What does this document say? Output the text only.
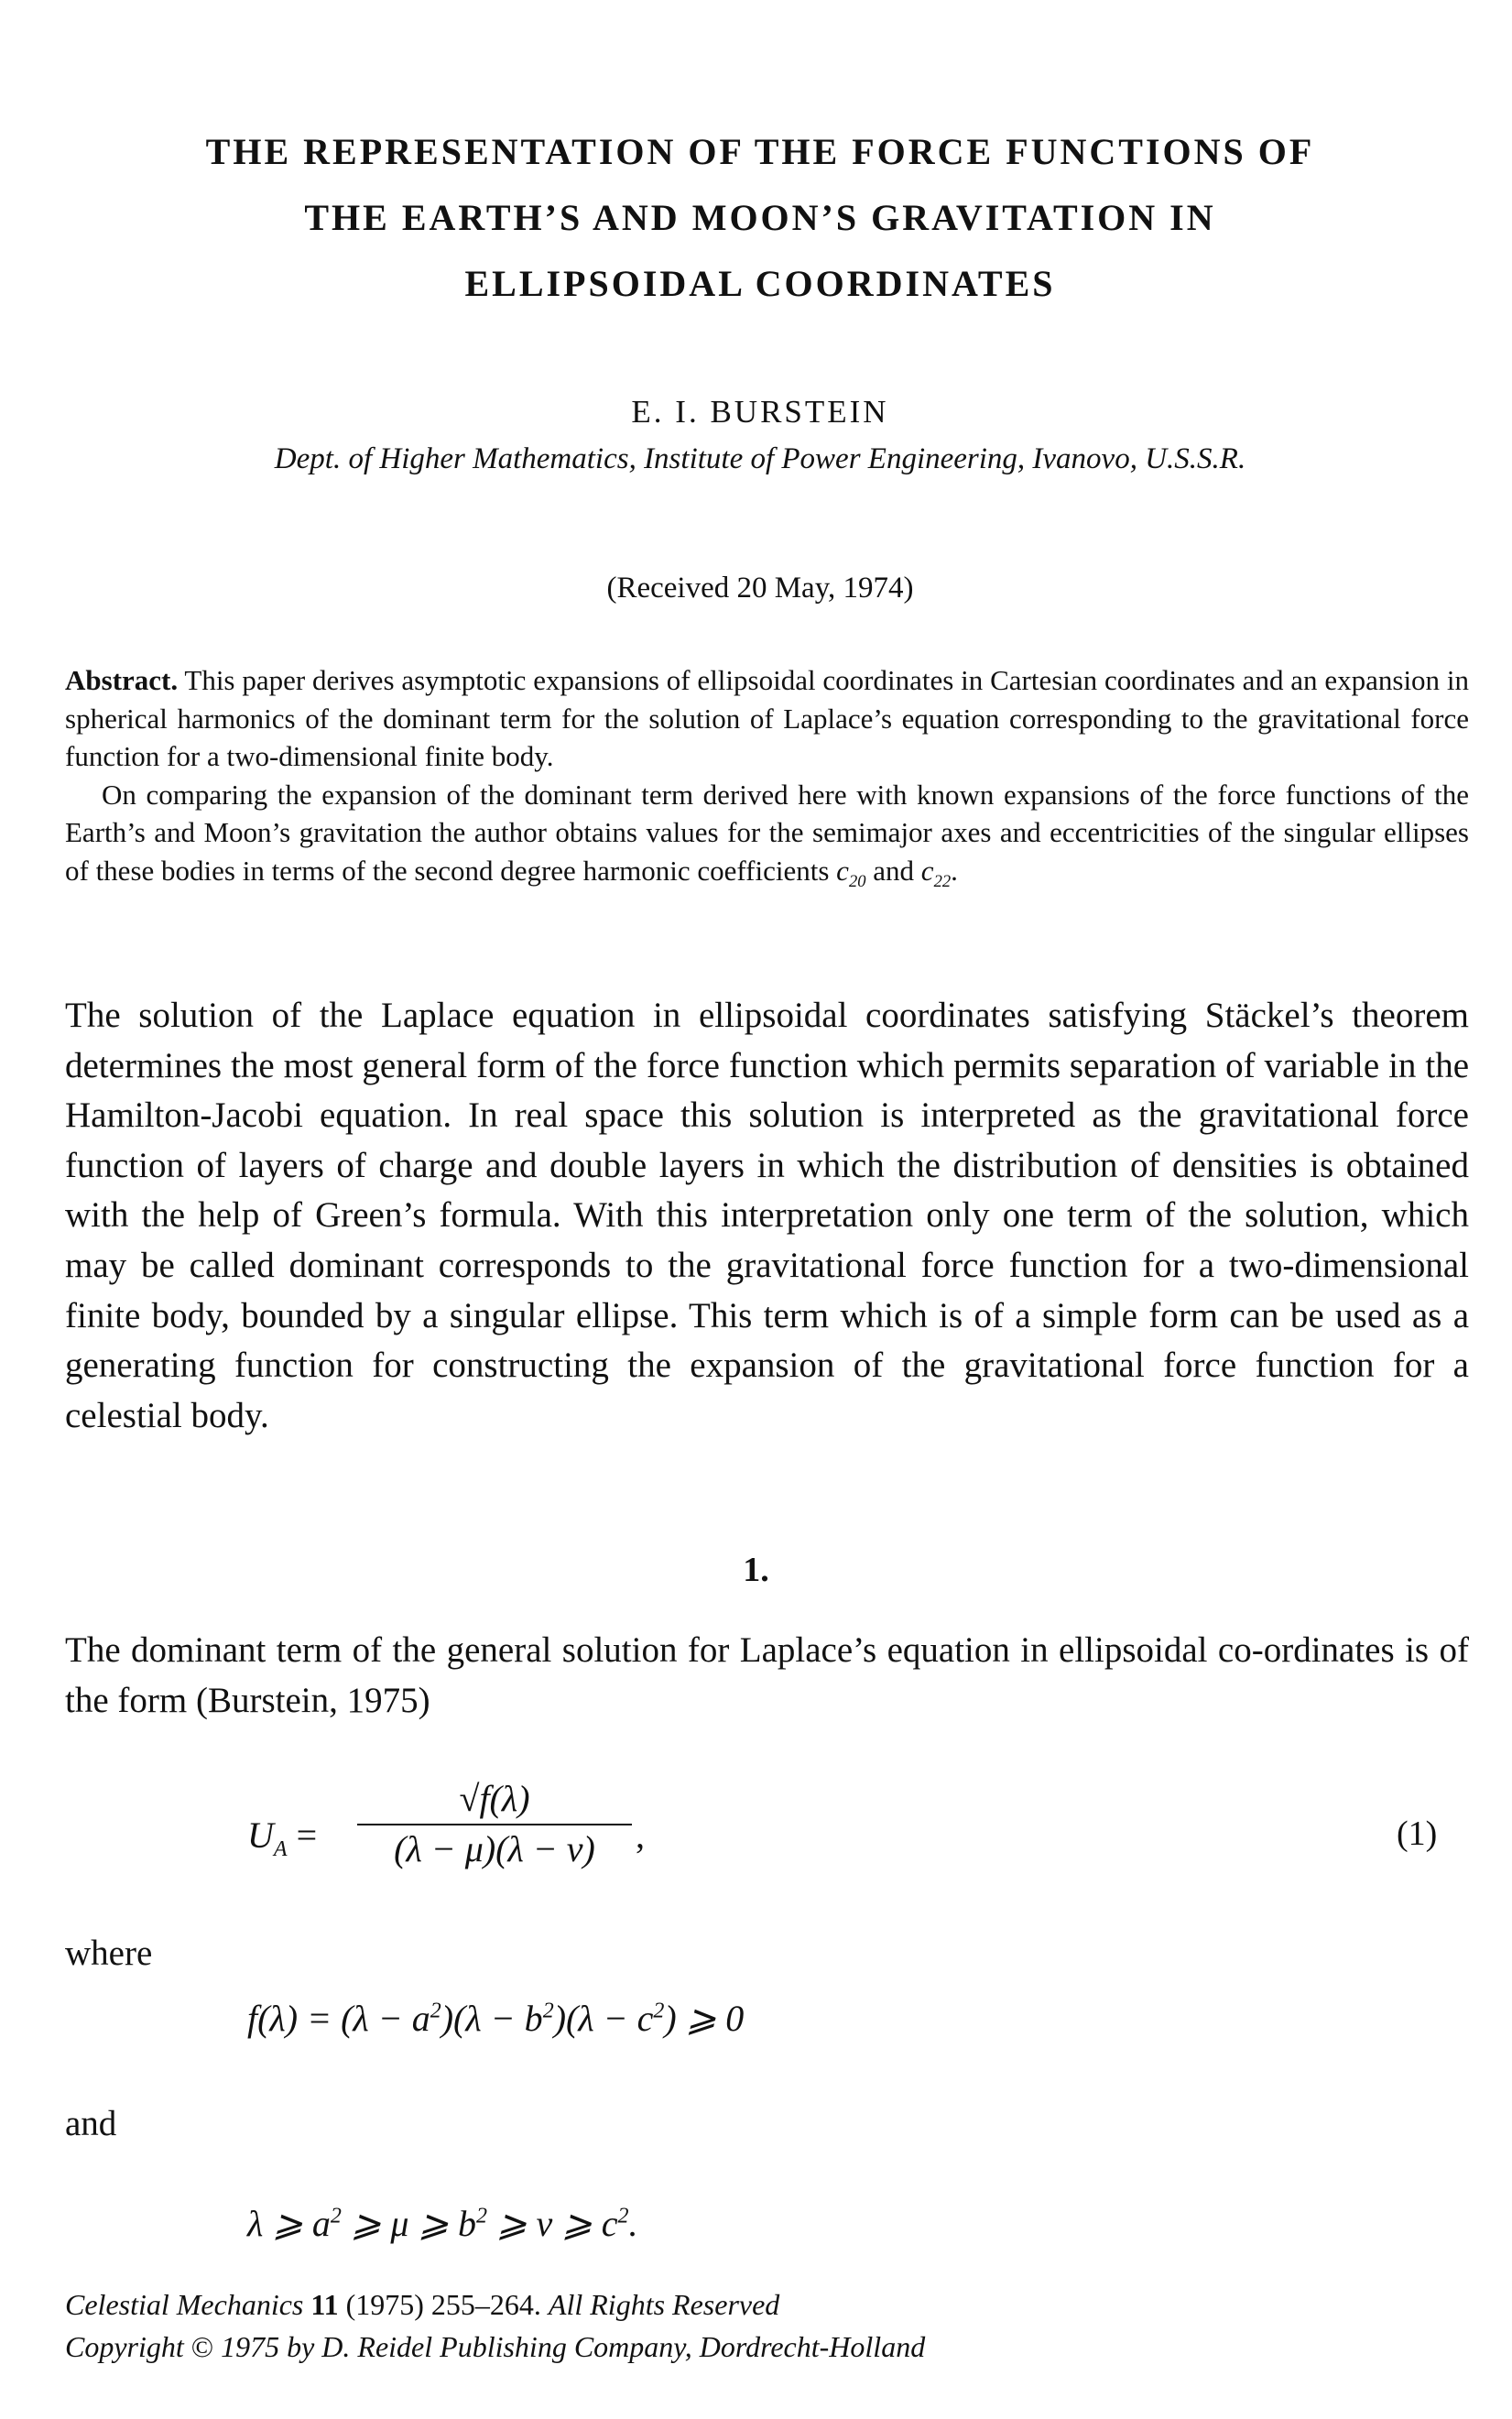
THE REPRESENTATION OF THE FORCE FUNCTIONS OF
THE EARTH’S AND MOON’S GRAVITATION IN
ELLIPSOIDAL COORDINATES
E. I. BURSTEIN
Dept. of Higher Mathematics, Institute of Power Engineering, Ivanovo, U.S.S.R.
(Received 20 May, 1974)

Abstract. This paper derives asymptotic expansions of ellipsoidal coordinates in Cartesian coordinates and an expansion in spherical harmonics of the dominant term for the solution of Laplace’s equation corresponding to the gravitational force function for a two-dimensional finite body.

On comparing the expansion of the dominant term derived here with known expansions of the force functions of the Earth’s and Moon’s gravitation the author obtains values for the semimajor axes and eccentricities of the singular ellipses of these bodies in terms of the second degree harmonic coefficients $c_{20}$ and $c_{22}$.

The solution of the Laplace equation in ellipsoidal coordinates satisfying Stäckel’s theorem determines the most general form of the force function which permits separation of variable in the Hamilton-Jacobi equation. In real space this solution is interpreted as the gravitational force function of layers of charge and double layers in which the distribution of densities is obtained with the help of Green’s formula. With this interpretation only one term of the solution, which may be called dominant corresponds to the gravitational force function for a two-dimensional finite body, bounded by a singular ellipse. This term which is of a simple form can be used as a generating function for constructing the expansion of the gravitational force function for a celestial body.

1.

The dominant term of the general solution for Laplace’s equation in ellipsoidal co-ordinates is of the form (Burstein, 1975)

$U_A$ =
√f(λ)
(λ − μ)(λ − ν)	,	(1)
where
$f(\lambda) = (\lambda - a^2)(\lambda - b^2)(\lambda - c^2)$ ⩾ 0
and
λ ⩾ $a^2$ ⩾ μ ⩾ $b^2$ ⩾ ν ⩾ $c^2$.
Celestial Mechanics 11 (1975) 255–264. All Rights Reserved
Copyright © 1975 by D. Reidel Publishing Company, Dordrecht-Holland
